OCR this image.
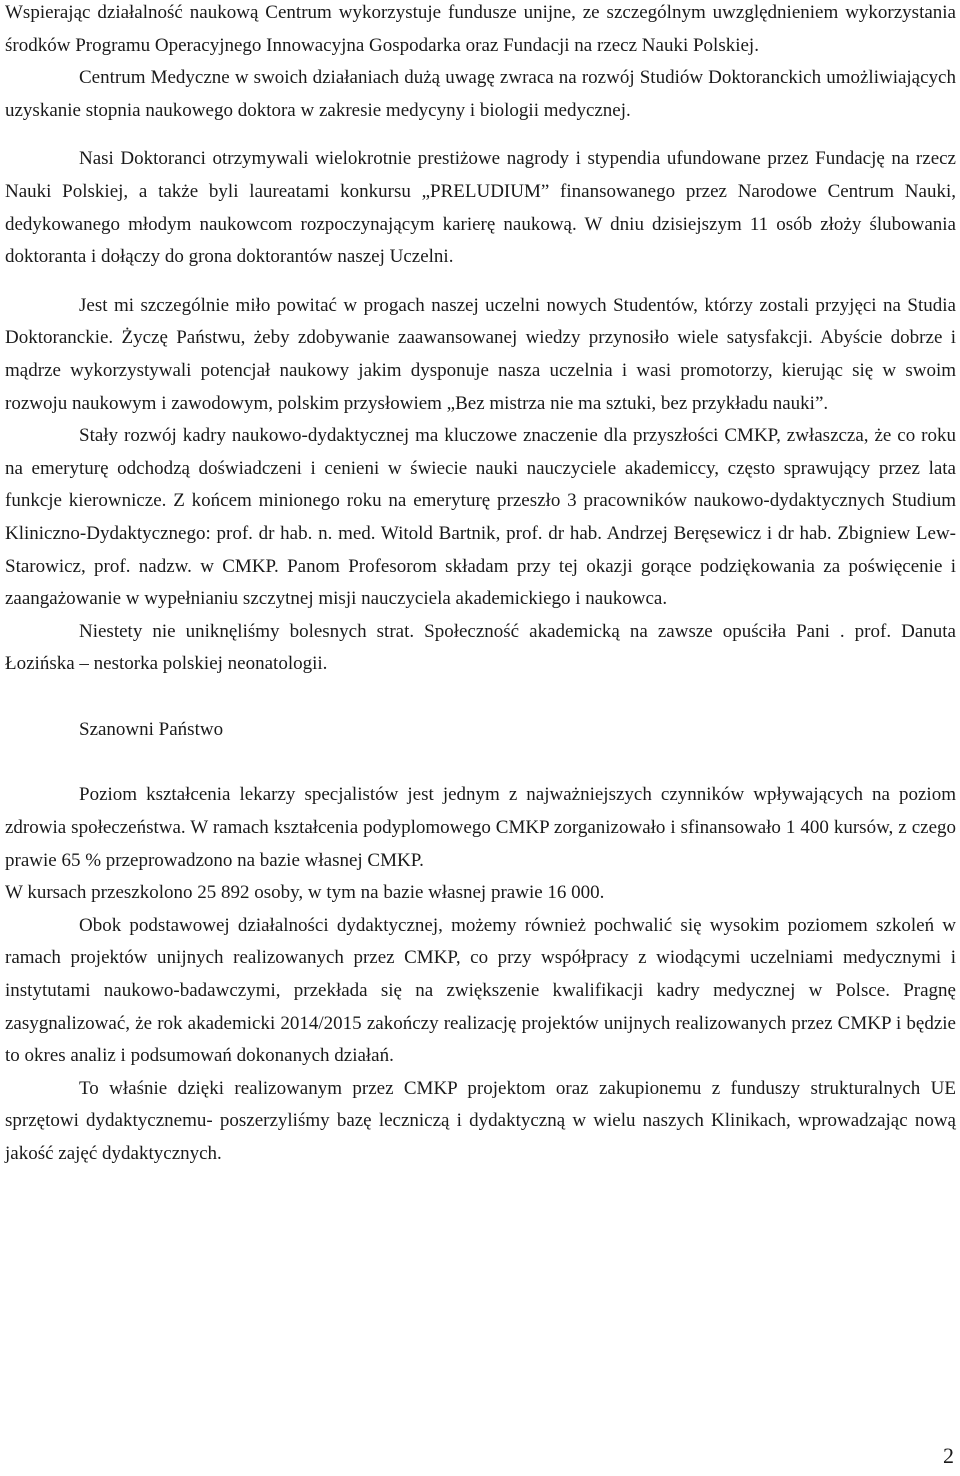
Wspierając działalność naukową Centrum wykorzystuje fundusze unijne, ze szczególnym uwzględnieniem wykorzystania środków Programu Operacyjnego Innowacyjna Gospodarka oraz Fundacji na rzecz Nauki Polskiej.

Centrum Medyczne w swoich działaniach dużą uwagę zwraca na rozwój Studiów Doktoranckich umożliwiających uzyskanie stopnia naukowego doktora w zakresie medycyny i biologii medycznej.

Nasi Doktoranci otrzymywali wielokrotnie prestiżowe nagrody i stypendia ufundowane przez Fundację na rzecz Nauki Polskiej, a także byli laureatami konkursu „PRELUDIUM” finansowanego przez Narodowe Centrum Nauki, dedykowanego młodym naukowcom rozpoczynającym karierę naukową. W dniu dzisiejszym 11 osób złoży ślubowania doktoranta i dołączy do grona doktorantów naszej Uczelni.

Jest mi szczególnie miło powitać w progach naszej uczelni nowych Studentów, którzy zostali przyjęci na Studia Doktoranckie. Życzę Państwu, żeby zdobywanie zaawansowanej wiedzy przynosiło wiele satysfakcji. Abyście dobrze i mądrze wykorzystywali potencjał naukowy jakim dysponuje nasza uczelnia i wasi promotorzy, kierując się w swoim rozwoju naukowym i zawodowym, polskim przysłowiem „Bez mistrza nie ma sztuki, bez przykładu nauki”.

Stały rozwój kadry naukowo-dydaktycznej ma kluczowe znaczenie dla przyszłości CMKP, zwłaszcza, że co roku na emeryturę odchodzą doświadczeni i cenieni w świecie nauki nauczyciele akademiccy, często sprawujący przez lata funkcje kierownicze. Z końcem minionego roku na emeryturę przeszło 3 pracowników naukowo-dydaktycznych Studium Kliniczno-Dydaktycznego: prof. dr hab. n. med. Witold Bartnik, prof. dr hab. Andrzej Beręsewicz i dr hab. Zbigniew Lew-Starowicz, prof. nadzw. w CMKP. Panom Profesorom składam przy tej okazji gorące podziękowania za poświęcenie i zaangażowanie w wypełnianiu szczytnej misji nauczyciela akademickiego i naukowca.

Niestety nie uniknęliśmy bolesnych strat. Społeczność akademicką na zawsze opuściła Pani . prof. Danuta Łozińska – nestorka polskiej neonatologii.

Szanowni Państwo

Poziom kształcenia lekarzy specjalistów jest jednym z najważniejszych czynników wpływających na poziom zdrowia społeczeństwa. W ramach kształcenia podyplomowego CMKP zorganizowało i sfinansowało 1 400 kursów, z czego prawie 65 % przeprowadzono na bazie własnej CMKP.

W kursach przeszkolono 25 892 osoby, w tym na bazie własnej prawie 16 000.

Obok podstawowej działalności dydaktycznej, możemy również pochwalić się wysokim poziomem szkoleń w ramach projektów unijnych realizowanych przez CMKP, co przy współpracy z wiodącymi uczelniami medycznymi i instytutami naukowo-badawczymi, przekłada się na zwiększenie kwalifikacji kadry medycznej w Polsce. Pragnę zasygnalizować, że rok akademicki 2014/2015 zakończy realizację projektów unijnych realizowanych przez CMKP i będzie to okres analiz i podsumowań dokonanych działań.

To właśnie dzięki realizowanym przez CMKP projektom oraz zakupionemu z funduszy strukturalnych UE sprzętowi dydaktycznemu- poszerzyliśmy bazę leczniczą i dydaktyczną w wielu naszych Klinikach, wprowadzając nową jakość zajęć dydaktycznych.

2
